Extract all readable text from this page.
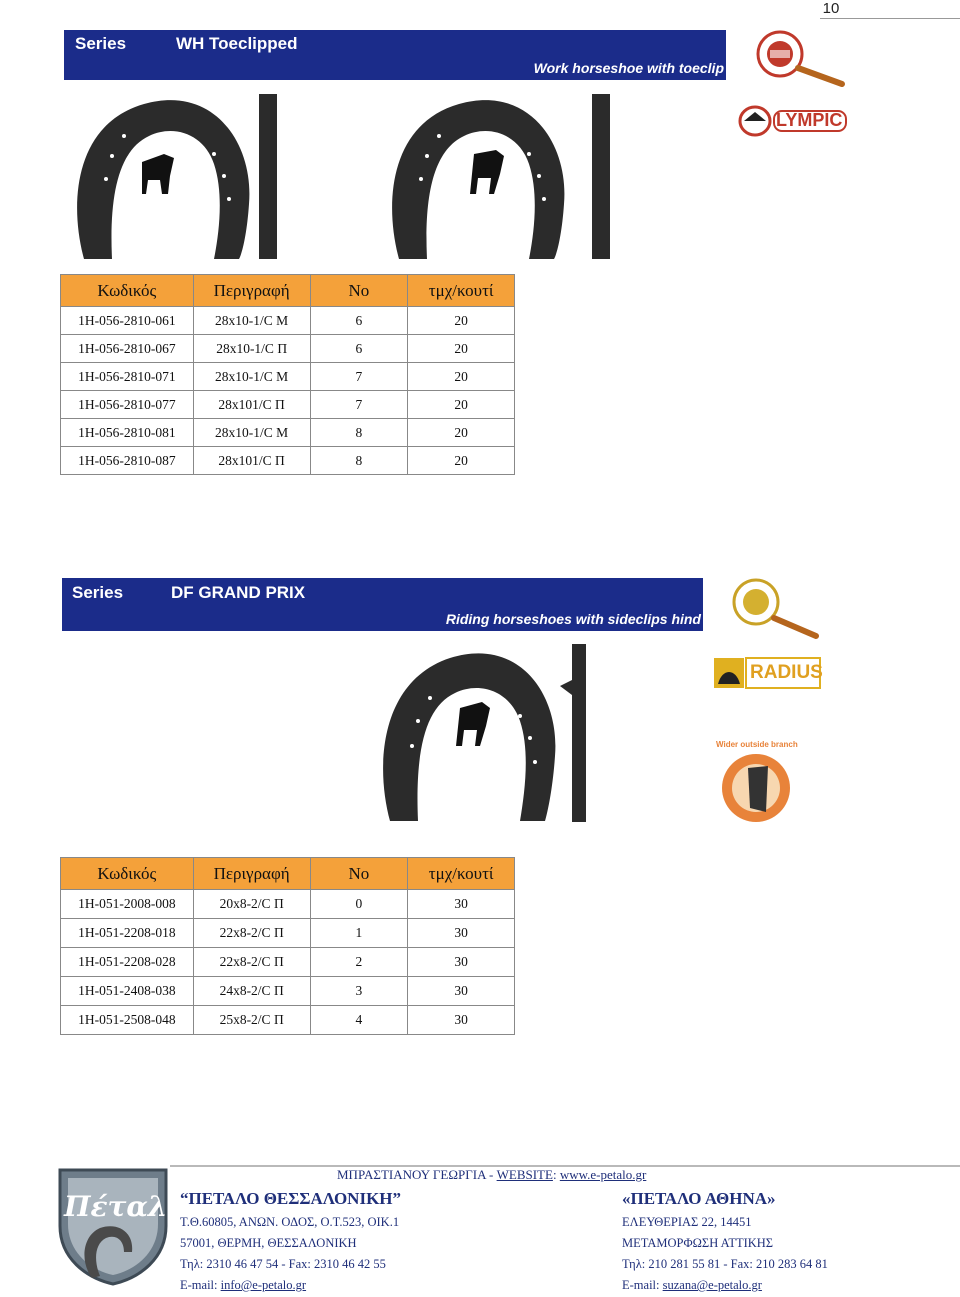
10
Series	WH Toeclipped
Work horseshoe with toeclip
LYMPIC
Κωδικός	Περιγραφή	No	τμχ/κουτί
1H-056-2810-061	28x10-1/C M	6	20
1H-056-2810-067	28x10-1/C Π	6	20
1H-056-2810-071	28x10-1/C M	7	20
1H-056-2810-077	28x101/C Π	7	20
1H-056-2810-081	28x10-1/C M	8	20
1H-056-2810-087	28x101/C Π	8	20
Series	DF GRAND PRIX
Riding horseshoes with sideclips hind
RADIUS
Wider outside branch
Κωδικός	Περιγραφή	No	τμχ/κουτί
1H-051-2008-008	20x8-2/C Π	0	30
1H-051-2208-018	22x8-2/C Π	1	30
1H-051-2208-028	22x8-2/C Π	2	30
1H-051-2408-038	24x8-2/C Π	3	30
1H-051-2508-048	25x8-2/C Π	4	30
Πέταλο
ΜΠΡΑΣΤΙΑΝΟΥ ΓΕΩΡΓΙΑ - WEBSITE: www.e-petalo.gr
“ΠΕΤΑΛΟ ΘΕΣΣΑΛΟΝΙΚΗ”	«ΠΕΤΑΛΟ ΑΘΗΝΑ»
Τ.Θ.60805, ΑΝΩΝ. ΟΔΟΣ, Ο.Τ.523, ΟΙΚ.1
57001, ΘΕΡΜΗ, ΘΕΣΣΑΛΟΝΙΚΗ
Τηλ: 2310 46 47 54 - Fax: 2310 46 42 55
E-mail: info@e-petalo.gr
ΕΛΕΥΘΕΡΙΑΣ 22, 14451
ΜΕΤΑΜΟΡΦΩΣΗ ΑΤΤΙΚΗΣ
Τηλ: 210 281 55 81 - Fax: 210 283 64 81
E-mail: suzana@e-petalo.gr
